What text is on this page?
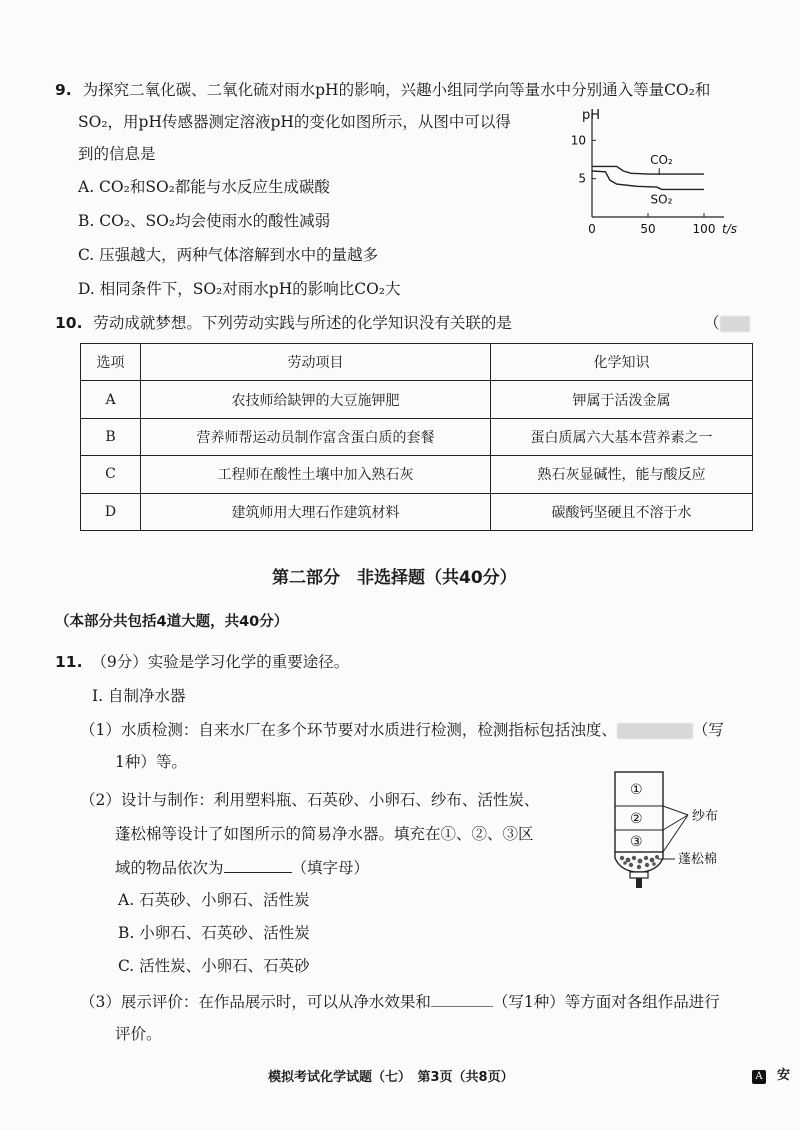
9. 为探究二氧化碳、二氧化硫对雨水pH的影响，兴趣小组同学向等量水中分别通入等量CO₂和
SO₂，用pH传感器测定溶液pH的变化如图所示，从图中可以得
到的信息是
A. CO₂和SO₂都能与水反应生成碳酸
B. CO₂、SO₂均会使雨水的酸性减弱
C. 压强越大，两种气体溶解到水中的量越多
D. 相同条件下，SO₂对雨水pH的影响比CO₂大
0	50	100
5
10
pH
t/s
CO₂
SO₂
10. 劳动成就梦想。下列劳动实践与所述的化学知识没有关联的是	（
选项	劳动项目	化学知识
A	农技师给缺钾的大豆施钾肥	钾属于活泼金属
B	营养师帮运动员制作富含蛋白质的套餐	蛋白质属六大基本营养素之一
C	工程师在酸性土壤中加入熟石灰	熟石灰显碱性，能与酸反应
D	建筑师用大理石作建筑材料	碳酸钙坚硬且不溶于水
第二部分　非选择题（共40分）
（本部分共包括4道大题，共40分）
11. （9分）实验是学习化学的重要途径。
Ⅰ. 自制净水器
（1）水质检测：自来水厂在多个环节要对水质进行检测，检测指标包括浊度、	（写
1种）等。
（2）设计与制作：利用塑料瓶、石英砂、小卵石、纱布、活性炭、
蓬松棉等设计了如图所示的简易净水器。填充在①、②、③区
域的物品依次为	（填字母）
A. 石英砂、小卵石、活性炭
B. 小卵石、石英砂、活性炭
C. 活性炭、小卵石、石英砂
（3）展示评价：在作品展示时，可以从净水效果和	（写1种）等方面对各组作品进行
评价。
①
②
③
纱布
蓬松棉
模拟考试化学试题（七）　第3页（共8页）	A 安
